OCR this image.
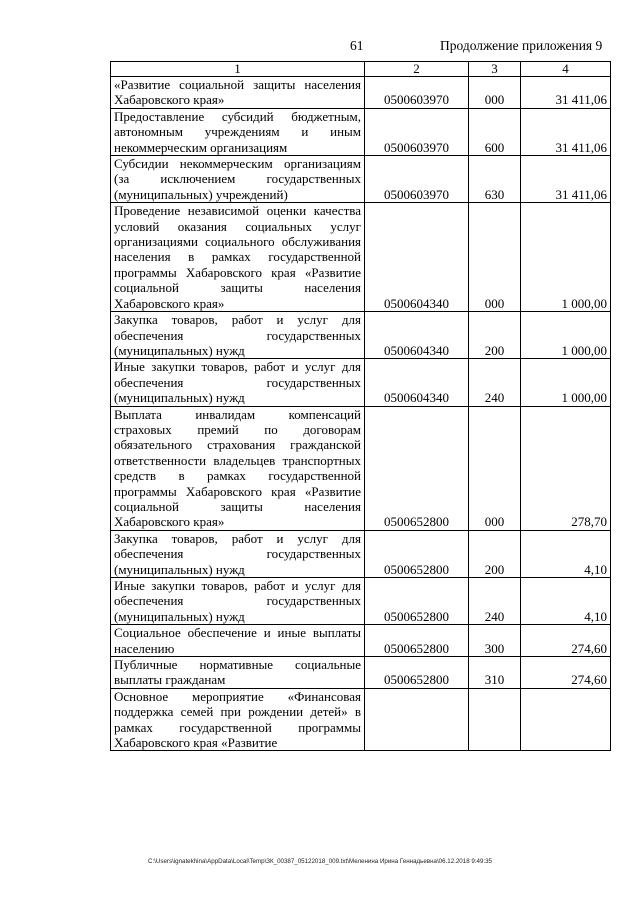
61	Продолжение приложения 9
1	2	3	4
«Развитие социальной защиты населения Хабаровского края»	0500603970	000	31 411,06
Предоставление субсидий бюджетным, автономным учреждениям и иным некоммерческим организациям	0500603970	600	31 411,06
Субсидии некоммерческим организациям (за исключением государственных (муниципальных) учреждений)	0500603970	630	31 411,06
Проведение независимой оценки качества условий оказания социальных услуг организациями социального обслуживания населения в рамках государственной программы Хабаровского края «Развитие социальной защиты населения Хабаровского края»	0500604340	000	1 000,00
Закупка товаров, работ и услуг для обеспечения государственных (муниципальных) нужд	0500604340	200	1 000,00
Иные закупки товаров, работ и услуг для обеспечения государственных (муниципальных) нужд	0500604340	240	1 000,00
Выплата инвалидам компенсаций страховых премий по договорам обязательного страхования гражданской ответственности владельцев транспортных средств в рамках государственной программы Хабаровского края «Развитие социальной защиты населения Хабаровского края»	0500652800	000	278,70
Закупка товаров, работ и услуг для обеспечения государственных (муниципальных) нужд	0500652800	200	4,10
Иные закупки товаров, работ и услуг для обеспечения государственных (муниципальных) нужд	0500652800	240	4,10
Социальное обеспечение и иные выплаты населению	0500652800	300	274,60
Публичные нормативные социальные выплаты гражданам	0500652800	310	274,60
Основное мероприятие «Финансовая поддержка семей при рождении детей» в рамках государственной программы Хабаровского края «Развитие			
C:\Users\ignatekhina\AppData\Local\Temp\ЗК_00387_05122018_009.txt\Меленина Ирина Геннадьевна\06.12.2018 9:49:35
